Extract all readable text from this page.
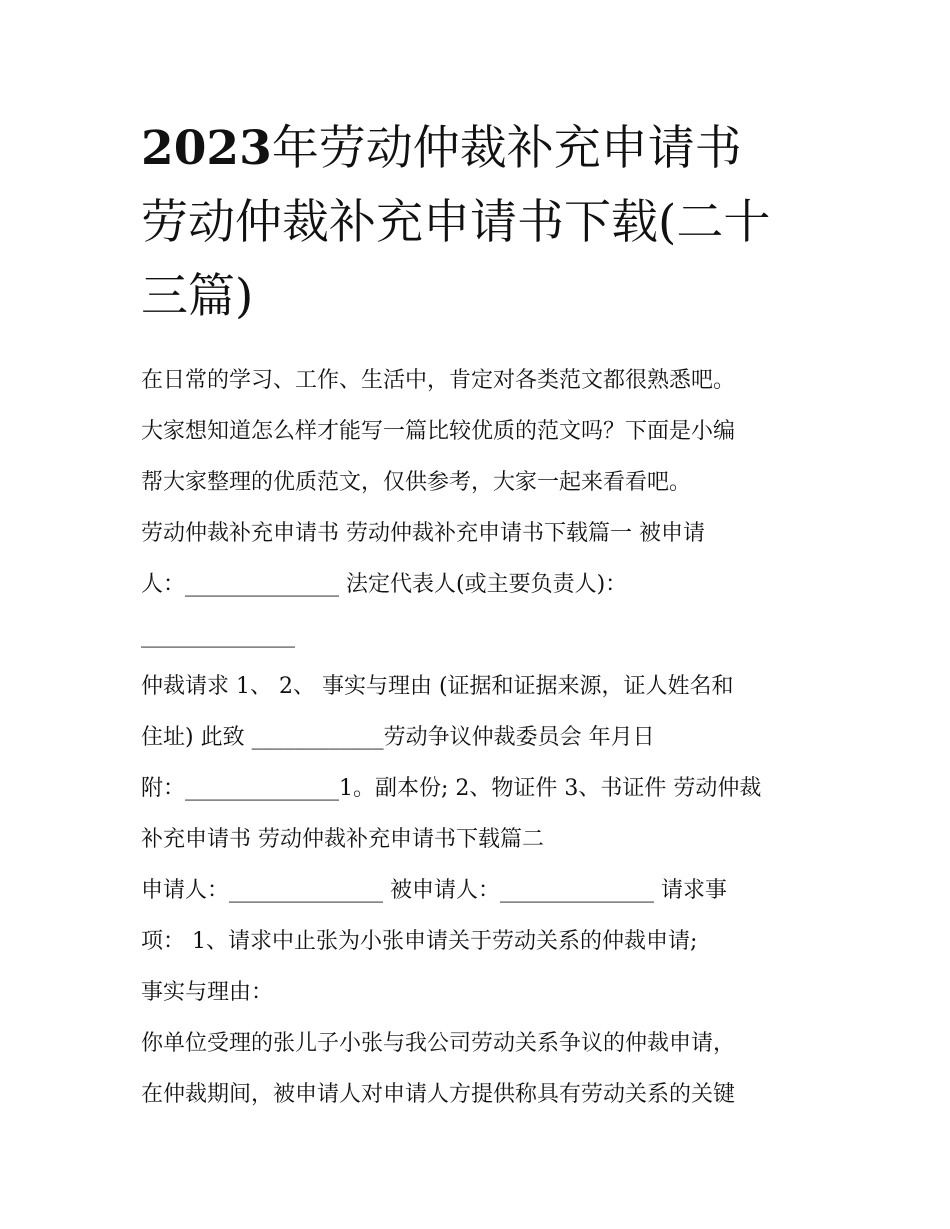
2023年劳动仲裁补充申请书
劳动仲裁补充申请书下载(二十
三篇)
在日常的学习、工作、生活中，肯定对各类范文都很熟悉吧。
大家想知道怎么样才能写一篇比较优质的范文吗？下面是小编
帮大家整理的优质范文，仅供参考，大家一起来看看吧。
劳动仲裁补充申请书 劳动仲裁补充申请书下载篇一 被申请
人：______________ 法定代表人(或主要负责人)：
______________
仲裁请求 1、 2、 事实与理由 (证据和证据来源，证人姓名和
住址) 此致 ____________劳动争议仲裁委员会 年月日
附：______________1。副本份; 2、物证件 3、书证件 劳动仲裁
补充申请书 劳动仲裁补充申请书下载篇二
申请人：______________ 被申请人：______________ 请求事
项： 1、请求中止张为小张申请关于劳动关系的仲裁申请;
事实与理由：
你单位受理的张儿子小张与我公司劳动关系争议的仲裁申请，
在仲裁期间，被申请人对申请人方提供称具有劳动关系的关键
